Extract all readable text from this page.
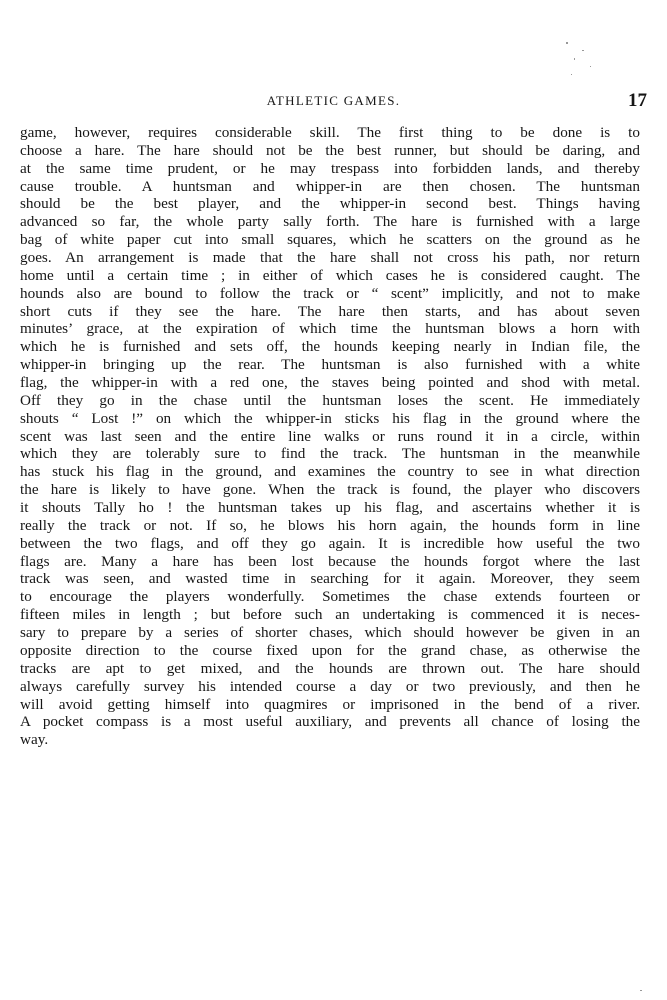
ATHLETIC GAMES.	17
game, however, requires considerable skill. The first thing to be done is to
choose a hare. The hare should not be the best runner, but should be daring, and
at the same time prudent, or he may trespass into forbidden lands, and thereby
cause trouble. A huntsman and whipper-in are then chosen. The huntsman
should be the best player, and the whipper-in second best. Things having
advanced so far, the whole party sally forth. The hare is furnished with a large
bag of white paper cut into small squares, which he scatters on the ground as he
goes. An arrangement is made that the hare shall not cross his path, nor return
home until a certain time ; in either of which cases he is considered caught. The
hounds also are bound to follow the track or “ scent” implicitly, and not to make
short cuts if they see the hare. The hare then starts, and has about seven
minutes’ grace, at the expiration of which time the huntsman blows a horn with
which he is furnished and sets off, the hounds keeping nearly in Indian file, the
whipper-in bringing up the rear. The huntsman is also furnished with a white
flag, the whipper-in with a red one, the staves being pointed and shod with metal.
Off they go in the chase until the huntsman loses the scent. He immediately
shouts “ Lost !” on which the whipper-in sticks his flag in the ground where the
scent was last seen and the entire line walks or runs round it in a circle, within
which they are tolerably sure to find the track. The huntsman in the meanwhile
has stuck his flag in the ground, and examines the country to see in what direction
the hare is likely to have gone. When the track is found, the player who discovers
it shouts Tally ho ! the huntsman takes up his flag, and ascertains whether it is
really the track or not. If so, he blows his horn again, the hounds form in line
between the two flags, and off they go again. It is incredible how useful the two
flags are. Many a hare has been lost because the hounds forgot where the last
track was seen, and wasted time in searching for it again. Moreover, they seem
to encourage the players wonderfully. Sometimes the chase extends fourteen or
fifteen miles in length ; but before such an undertaking is commenced it is neces-
sary to prepare by a series of shorter chases, which should however be given in an
opposite direction to the course fixed upon for the grand chase, as otherwise the
tracks are apt to get mixed, and the hounds are thrown out. The hare should
always carefully survey his intended course a day or two previously, and then he
will avoid getting himself into quagmires or imprisoned in the bend of a river.
A pocket compass is a most useful auxiliary, and prevents all chance of losing the
way.
